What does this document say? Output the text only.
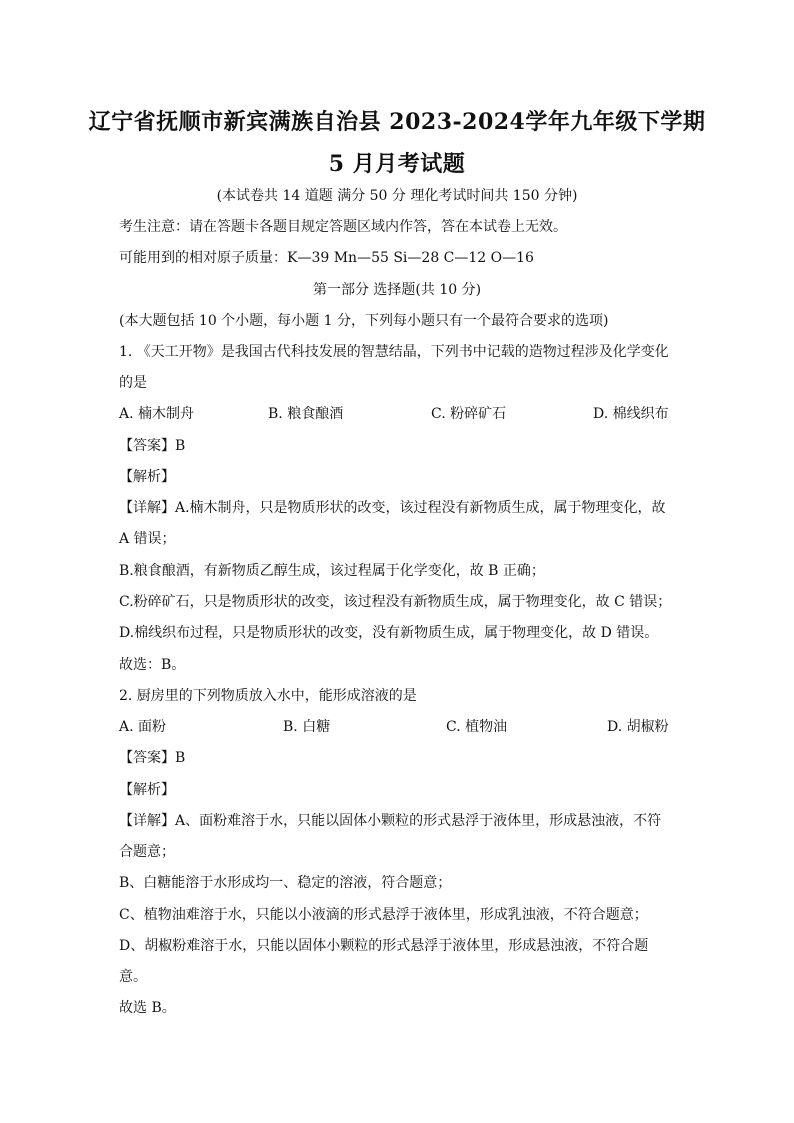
辽宁省抚顺市新宾满族自治县 2023-2024学年九年级下学期
5 月月考试题
(本试卷共 14 道题 满分 50 分 理化考试时间共 150 分钟)
考生注意：请在答题卡各题目规定答题区域内作答，答在本试卷上无效。
可能用到的相对原子质量：K—39 Mn—55 Si—28 C—12 O—16
第一部分 选择题(共 10 分)
(本大题包括 10 个小题，每小题 1 分，下列每小题只有一个最符合要求的选项)
1. 《天工开物》是我国古代科技发展的智慧结晶，下列书中记载的造物过程涉及化学变化
的是
A. 楠木制舟	B. 粮食酿酒	C. 粉碎矿石	D. 棉线织布
【答案】B
【解析】
【详解】A.楠木制舟，只是物质形状的改变，该过程没有新物质生成，属于物理变化，故
A 错误；
B.粮食酿酒，有新物质乙醇生成，该过程属于化学变化，故 B 正确；
C.粉碎矿石，只是物质形状的改变，该过程没有新物质生成，属于物理变化，故 C 错误；
D.棉线织布过程，只是物质形状的改变，没有新物质生成，属于物理变化，故 D 错误。
故选：B。
2. 厨房里的下列物质放入水中，能形成溶液的是
A. 面粉	B. 白糖	C. 植物油	D. 胡椒粉
【答案】B
【解析】
【详解】A、面粉难溶于水，只能以固体小颗粒的形式悬浮于液体里，形成悬浊液，不符
合题意；
B、白糖能溶于水形成均一、稳定的溶液，符合题意；
C、植物油难溶于水，只能以小液滴的形式悬浮于液体里，形成乳浊液，不符合题意；
D、胡椒粉难溶于水，只能以固体小颗粒的形式悬浮于液体里，形成悬浊液，不符合题
意。
故选 B。
